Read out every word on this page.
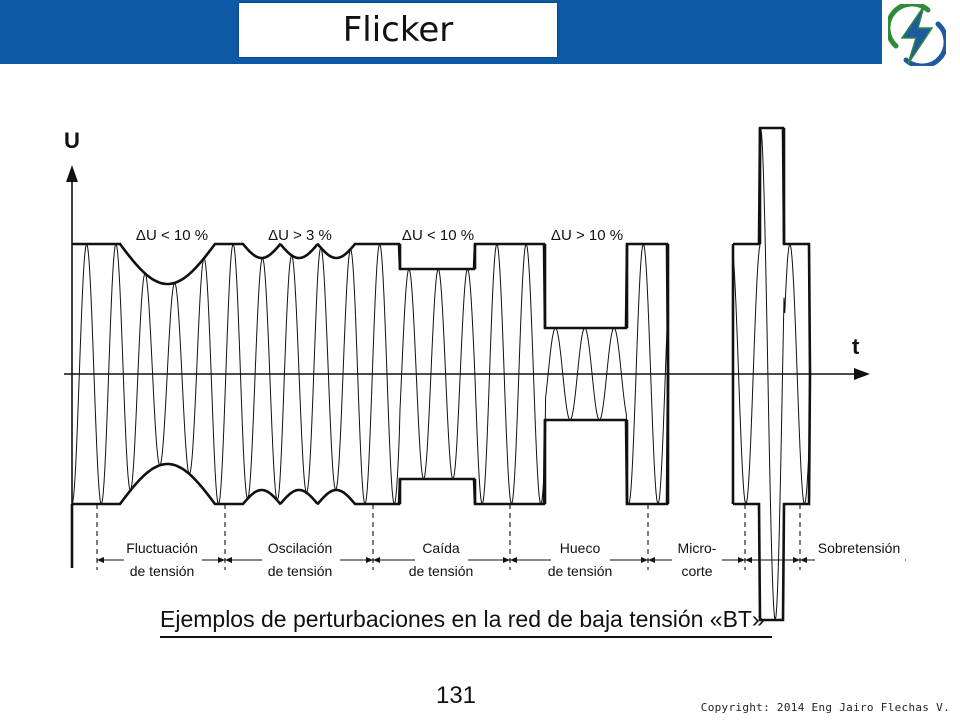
Flicker
U
t
ΔU < 10 %	ΔU > 3 %	ΔU < 10 %	ΔU > 10 %
Fluctuación
de tensión
Oscilación
de tensión
Caída
de tensión
Hueco
de tensión
Micro-
corte
Sobretensión
Ejemplos de perturbaciones en la red de baja tensión «BT»
131	Copyright: 2014 Eng Jairo Flechas V.
